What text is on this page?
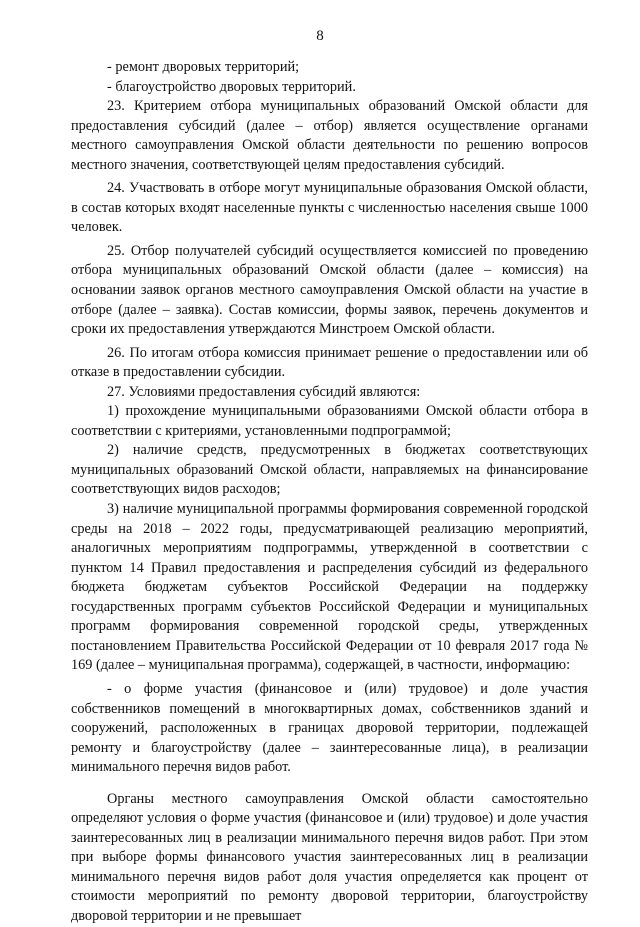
8

- ремонт дворовых территорий;

- благоустройство дворовых территорий.

23. Критерием отбора муниципальных образований Омской области для предоставления субсидий (далее – отбор) является осуществление органами местного самоуправления Омской области деятельности по решению вопросов местного значения, соответствующей целям предоставления субсидий.

24. Участвовать в отборе могут муниципальные образования Омской области, в состав которых входят населенные пункты с численностью населения свыше 1000 человек.

25. Отбор получателей субсидий осуществляется комиссией по проведению отбора муниципальных образований Омской области (далее – комиссия) на основании заявок органов местного самоуправления Омской области на участие в отборе (далее – заявка). Состав комиссии, формы заявок, перечень документов и сроки их предоставления утверждаются Минстроем Омской области.

26. По итогам отбора комиссия принимает решение о предоставлении или об отказе в предоставлении субсидии.

27. Условиями предоставления субсидий являются:

1) прохождение муниципальными образованиями Омской области отбора в соответствии с критериями, установленными подпрограммой;

2) наличие средств, предусмотренных в бюджетах соответствующих муниципальных образований Омской области, направляемых на финансирование соответствующих видов расходов;

3) наличие муниципальной программы формирования современной городской среды на 2018 – 2022 годы, предусматривающей реализацию мероприятий, аналогичных мероприятиям подпрограммы, утвержденной в соответствии с пунктом 14 Правил предоставления и распределения субсидий из федерального бюджета бюджетам субъектов Российской Федерации на поддержку государственных программ субъектов Российской Федерации и муниципальных программ формирования современной городской среды, утвержденных постановлением Правительства Российской Федерации от 10 февраля 2017 года № 169 (далее – муниципальная программа), содержащей, в частности, информацию:

- о форме участия (финансовое и (или) трудовое) и доле участия собственников помещений в многоквартирных домах, собственников зданий и сооружений, расположенных в границах дворовой территории, подлежащей ремонту и благоустройству (далее – заинтересованные лица), в реализации минимального перечня видов работ.

Органы местного самоуправления Омской области самостоятельно определяют условия о форме участия (финансовое и (или) трудовое) и доле участия заинтересованных лиц в реализации минимального перечня видов работ. При этом при выборе формы финансового участия заинтересованных лиц в реализации минимального перечня видов работ доля участия определяется как процент от стоимости мероприятий по ремонту дворовой территории, благоустройству дворовой территории и не превышает
